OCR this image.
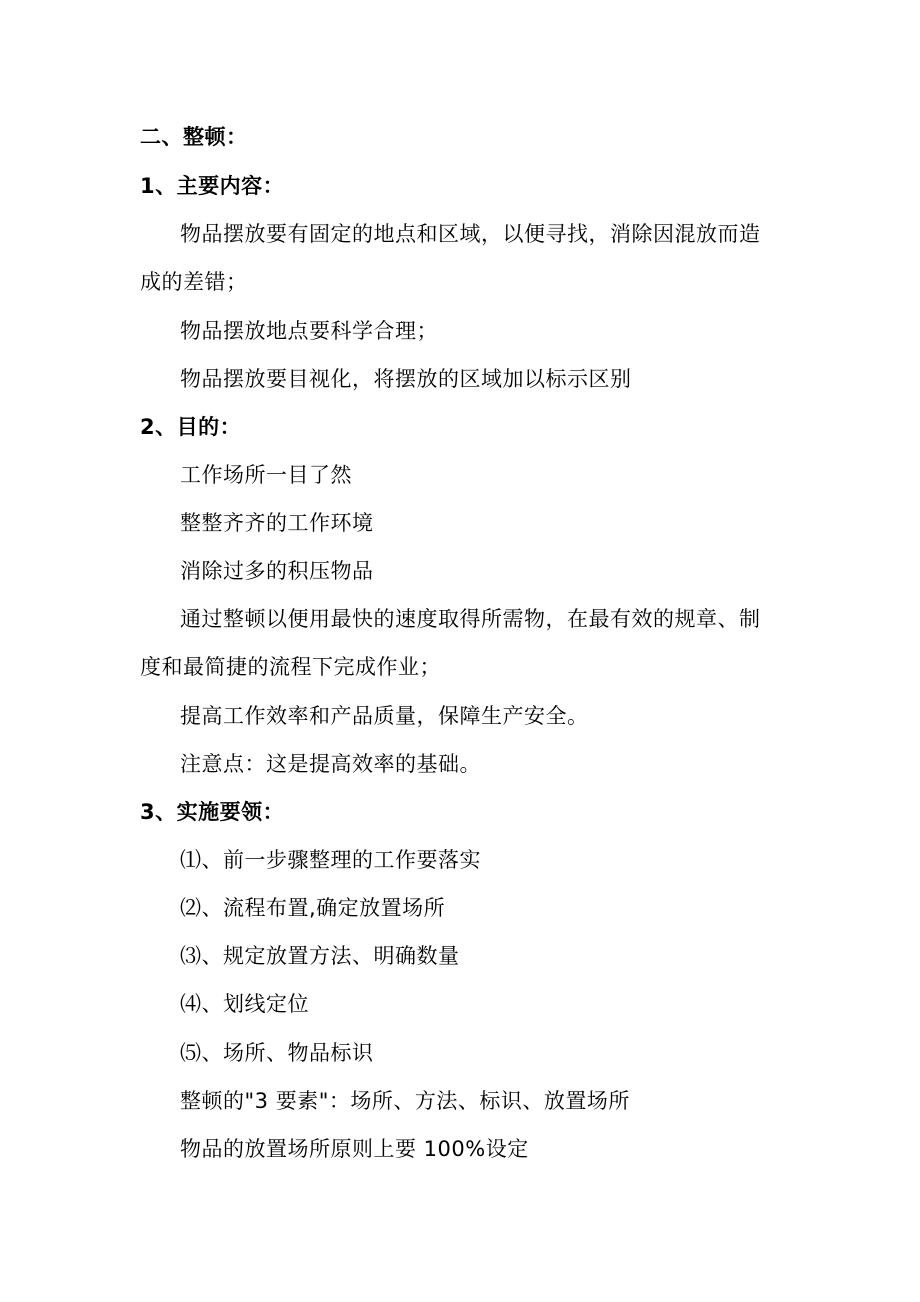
二、整顿：
1、主要内容：
物品摆放要有固定的地点和区域，以便寻找，消除因混放而造
成的差错；
物品摆放地点要科学合理；
物品摆放要目视化，将摆放的区域加以标示区别
2、目的：
工作场所一目了然
整整齐齐的工作环境
消除过多的积压物品
通过整顿以便用最快的速度取得所需物，在最有效的规章、制
度和最简捷的流程下完成作业；
提高工作效率和产品质量，保障生产安全。
注意点：这是提高效率的基础。
3、实施要领：
⑴、前一步骤整理的工作要落实
⑵、流程布置,确定放置场所
⑶、规定放置方法、明确数量
⑷、划线定位
⑸、场所、物品标识
整顿的"3 要素"：场所、方法、标识、放置场所
物品的放置场所原则上要 100%设定
